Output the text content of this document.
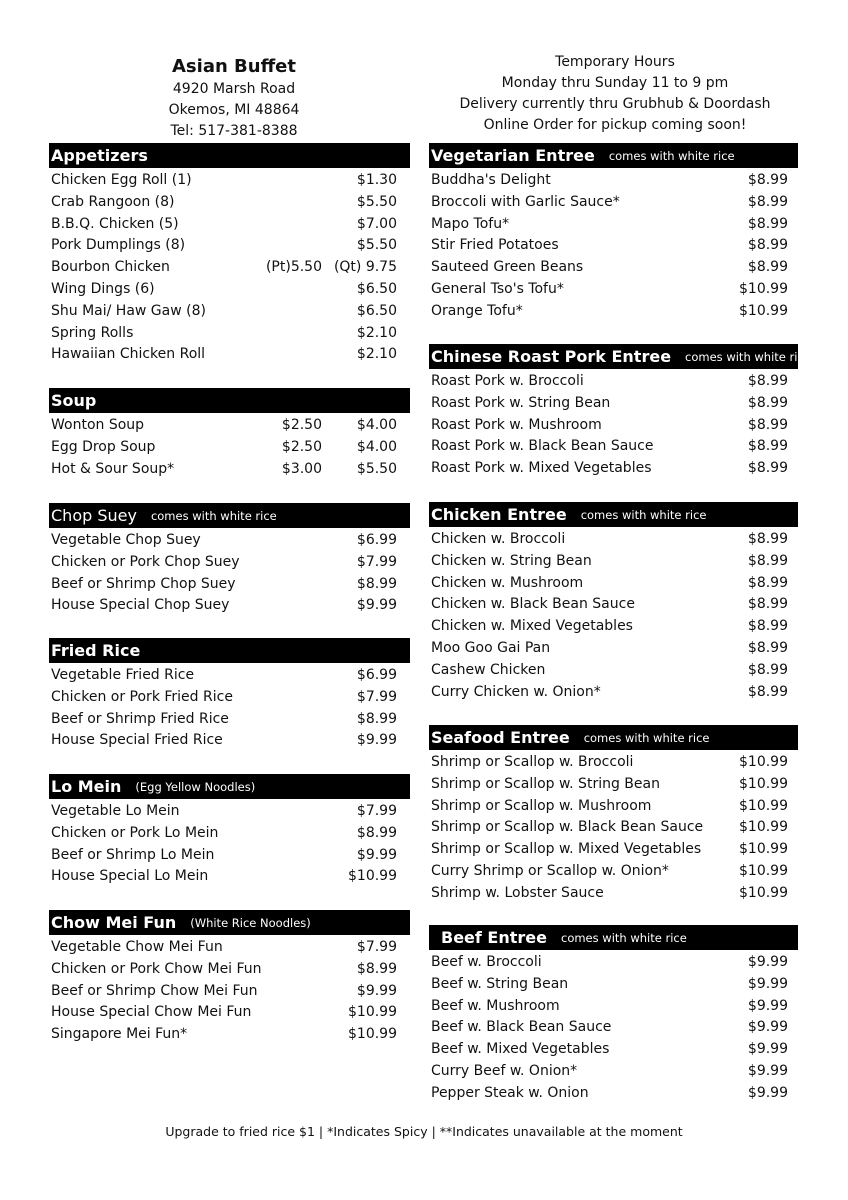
Asian Buffet
4920 Marsh Road
Okemos, MI 48864
Tel: 517-381-8388
Temporary Hours
Monday thru Sunday 11 to 9 pm
Delivery currently thru Grubhub & Doordash
Online Order for pickup coming soon!
Appetizers
Chicken Egg Roll (1)	$1.30
Crab Rangoon (8)	$5.50
B.B.Q. Chicken (5)	$7.00
Pork Dumplings (8)	$5.50
Bourbon Chicken	(Pt)5.50 (Qt) 9.75
Wing Dings (6)	$6.50
Shu Mai/ Haw Gaw (8)	$6.50
Spring Rolls	$2.10
Hawaiian Chicken Roll	$2.10
Soup
Wonton Soup	$2.50 $4.00
Egg Drop Soup	$2.50 $4.00
Hot & Sour Soup*	$3.00 $5.50
Chop Suey comes with white rice
Vegetable Chop Suey	$6.99
Chicken or Pork Chop Suey	$7.99
Beef or Shrimp Chop Suey	$8.99
House Special Chop Suey	$9.99
Fried Rice
Vegetable Fried Rice	$6.99
Chicken or Pork Fried Rice	$7.99
Beef or Shrimp Fried Rice	$8.99
House Special Fried Rice	$9.99
Lo Mein (Egg Yellow Noodles)
Vegetable Lo Mein	$7.99
Chicken or Pork Lo Mein	$8.99
Beef or Shrimp Lo Mein	$9.99
House Special Lo Mein	$10.99
Chow Mei Fun (White Rice Noodles)
Vegetable Chow Mei Fun	$7.99
Chicken or Pork Chow Mei Fun	$8.99
Beef or Shrimp Chow Mei Fun	$9.99
House Special Chow Mei Fun	$10.99
Singapore Mei Fun*	$10.99
Vegetarian Entree comes with white rice
Buddha's Delight	$8.99
Broccoli with Garlic Sauce*	$8.99
Mapo Tofu*	$8.99
Stir Fried Potatoes	$8.99
Sauteed Green Beans	$8.99
General Tso's Tofu*	$10.99
Orange Tofu*	$10.99
Chinese Roast Pork Entree comes with white rice
Roast Pork w. Broccoli	$8.99
Roast Pork w. String Bean	$8.99
Roast Pork w. Mushroom	$8.99
Roast Pork w. Black Bean Sauce	$8.99
Roast Pork w. Mixed Vegetables	$8.99
Chicken Entree comes with white rice
Chicken w. Broccoli	$8.99
Chicken w. String Bean	$8.99
Chicken w. Mushroom	$8.99
Chicken w. Black Bean Sauce	$8.99
Chicken w. Mixed Vegetables	$8.99
Moo Goo Gai Pan	$8.99
Cashew Chicken	$8.99
Curry Chicken w. Onion*	$8.99
Seafood Entree comes with white rice
Shrimp or Scallop w. Broccoli	$10.99
Shrimp or Scallop w. String Bean	$10.99
Shrimp or Scallop w. Mushroom	$10.99
Shrimp or Scallop w. Black Bean Sauce	$10.99
Shrimp or Scallop w. Mixed Vegetables	$10.99
Curry Shrimp or Scallop w. Onion*	$10.99
Shrimp w. Lobster Sauce	$10.99
Beef Entree comes with white rice
Beef w. Broccoli	$9.99
Beef w. String Bean	$9.99
Beef w. Mushroom	$9.99
Beef w. Black Bean Sauce	$9.99
Beef w. Mixed Vegetables	$9.99
Curry Beef w. Onion*	$9.99
Pepper Steak w. Onion	$9.99
Upgrade to fried rice $1 | *Indicates Spicy | **Indicates unavailable at the moment
